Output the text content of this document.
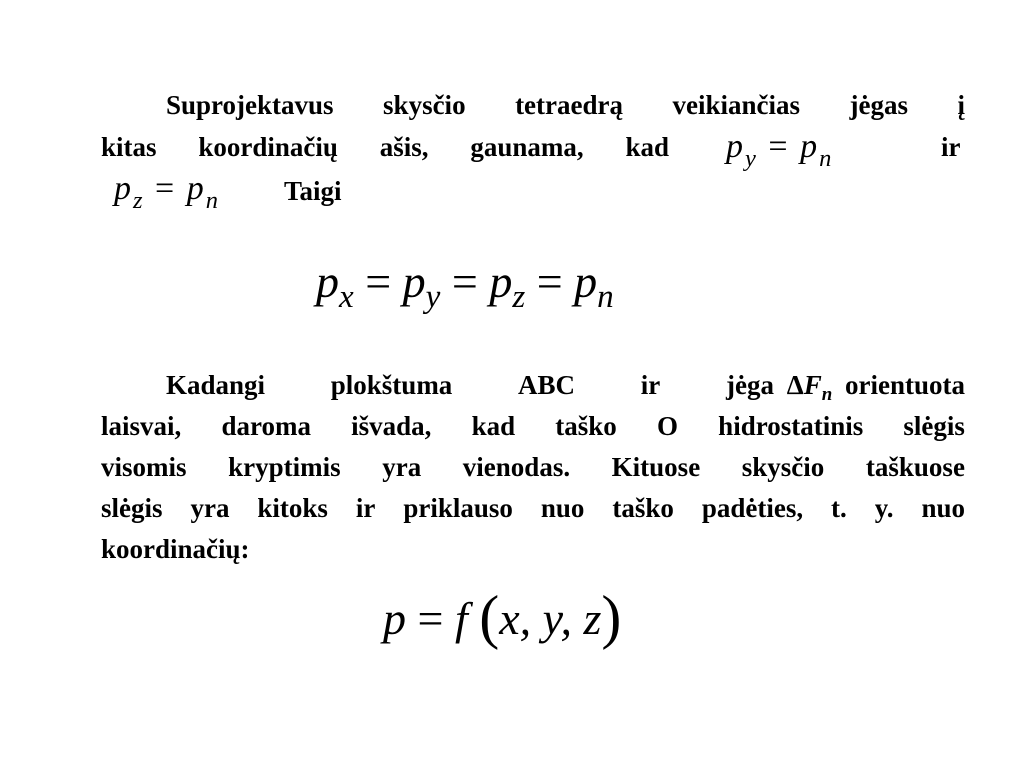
Suprojektavus skysčio tetraedrą veikiančias jėgas į
kitas koordinačių ašis, gaunama, kad	ir
$p_y = p_n$
$p_z = p_n$ Taigi
$p_x = p_y = p_z = p_n$
Kadangi plokštuma ABC ir jėga $\Delta F_n$ orientuota
laisvai, daroma išvada, kad taško O hidrostatinis slėgis
visomis kryptimis yra vienodas. Kituose skysčio taškuose
slėgis yra kitoks ir priklauso nuo taško padėties, t. y. nuo
koordinačių:
p = f (x, y, z)
